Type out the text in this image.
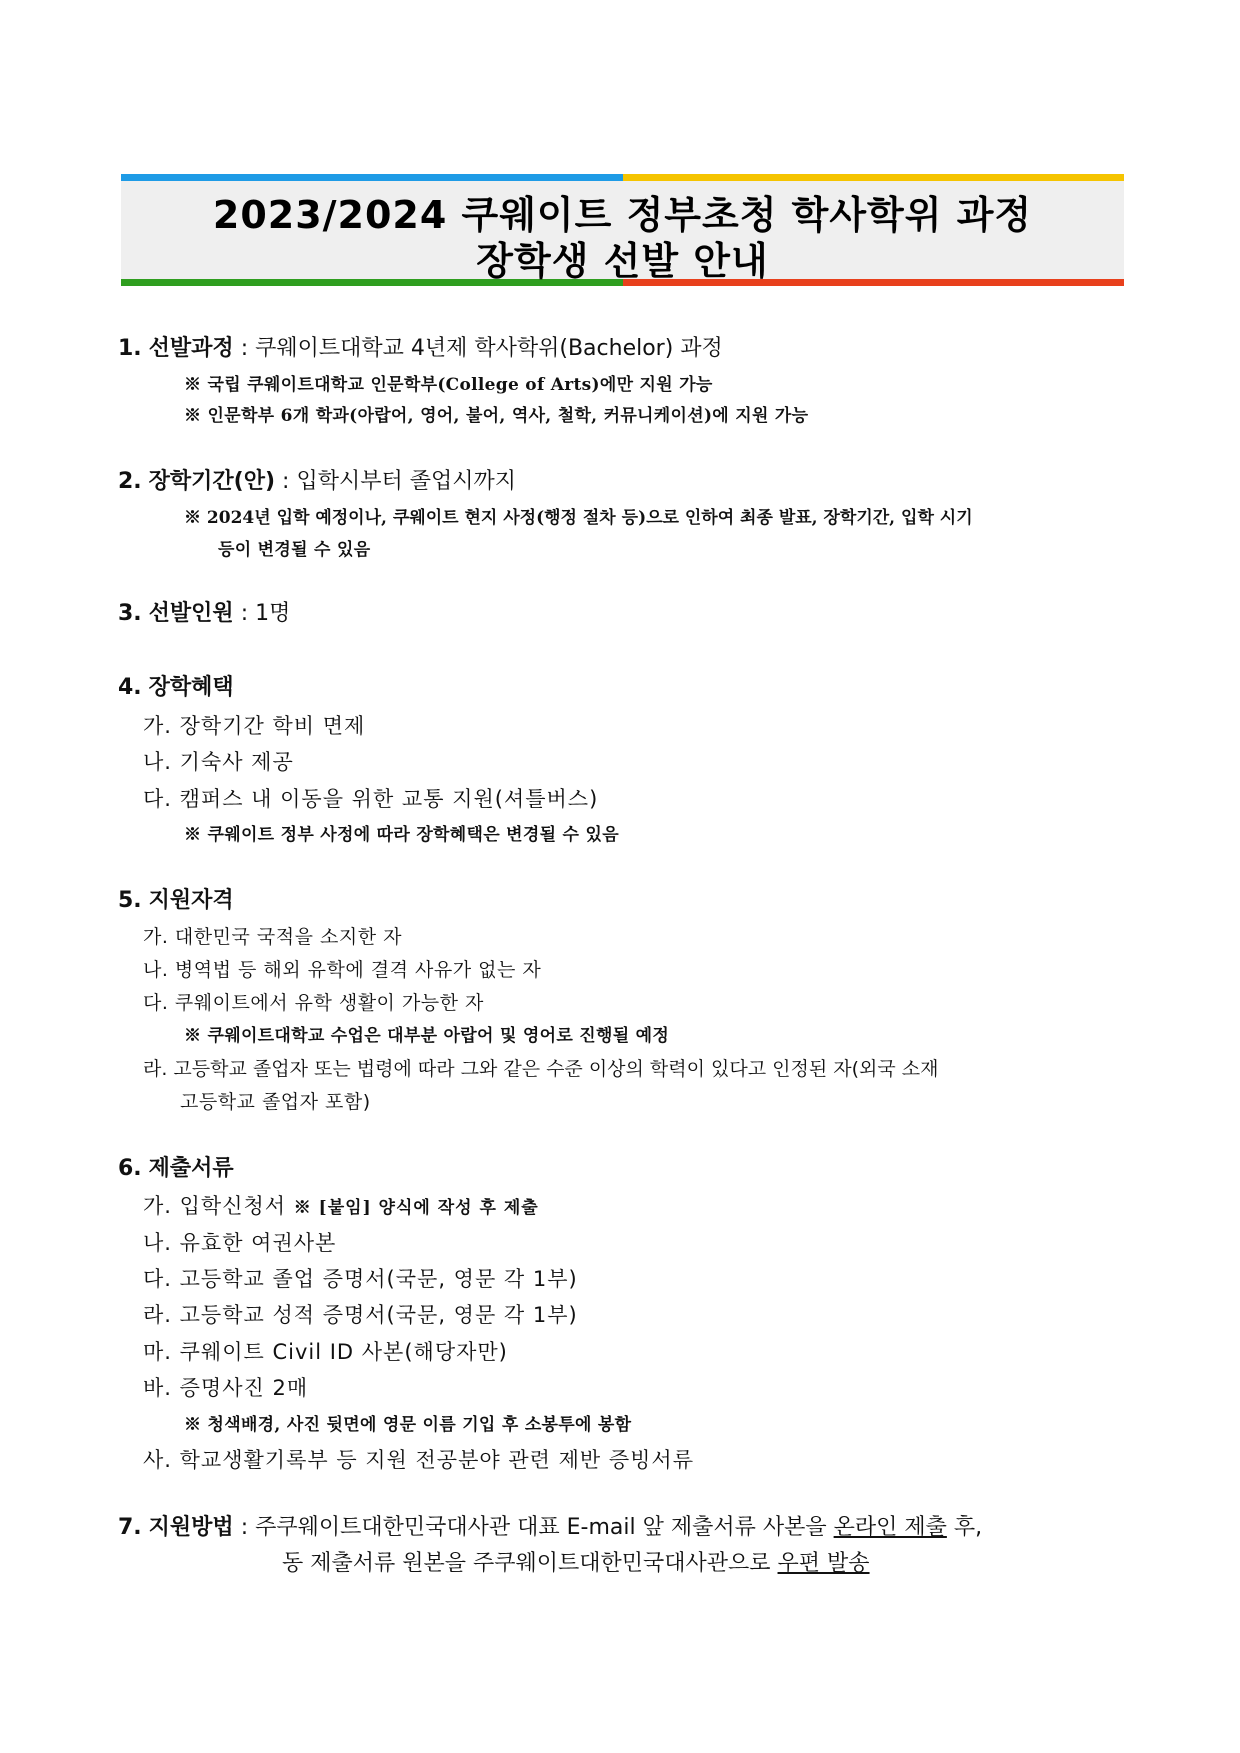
2023/2024 쿠웨이트 정부초청 학사학위 과정
장학생 선발 안내
1. 선발과정 : 쿠웨이트대학교 4년제 학사학위(Bachelor) 과정
※ 국립 쿠웨이트대학교 인문학부(College of Arts)에만 지원 가능
※ 인문학부 6개 학과(아랍어, 영어, 불어, 역사, 철학, 커뮤니케이션)에 지원 가능
2. 장학기간(안) : 입학시부터 졸업시까지
※ 2024년 입학 예정이나, 쿠웨이트 현지 사정(행정 절차 등)으로 인하여 최종 발표, 장학기간, 입학 시기
등이 변경될 수 있음
3. 선발인원 : 1명
4. 장학혜택
가. 장학기간 학비 면제
나. 기숙사 제공
다. 캠퍼스 내 이동을 위한 교통 지원(셔틀버스)
※ 쿠웨이트 정부 사정에 따라 장학혜택은 변경될 수 있음
5. 지원자격
가. 대한민국 국적을 소지한 자
나. 병역법 등 해외 유학에 결격 사유가 없는 자
다. 쿠웨이트에서 유학 생활이 가능한 자
※ 쿠웨이트대학교 수업은 대부분 아랍어 및 영어로 진행될 예정
라. 고등학교 졸업자 또는 법령에 따라 그와 같은 수준 이상의 학력이 있다고 인정된 자(외국 소재
고등학교 졸업자 포함)
6. 제출서류
가. 입학신청서 ※ [붙임] 양식에 작성 후 제출
나. 유효한 여권사본
다. 고등학교 졸업 증명서(국문, 영문 각 1부)
라. 고등학교 성적 증명서(국문, 영문 각 1부)
마. 쿠웨이트 Civil ID 사본(해당자만)
바. 증명사진 2매
※ 청색배경, 사진 뒷면에 영문 이름 기입 후 소봉투에 봉함
사. 학교생활기록부 등 지원 전공분야 관련 제반 증빙서류
7. 지원방법 : 주쿠웨이트대한민국대사관 대표 E-mail 앞 제출서류 사본을 온라인 제출 후,
동 제출서류 원본을 주쿠웨이트대한민국대사관으로 우편 발송
